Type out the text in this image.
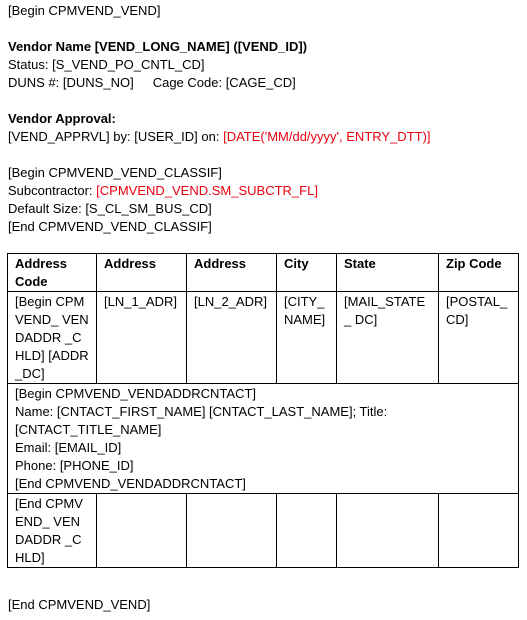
[Begin CPMVEND_VEND]
Vendor Name [VEND_LONG_NAME] ([VEND_ID])
Status: [S_VEND_PO_CNTL_CD]
DUNS #: [DUNS_NO] Cage Code: [CAGE_CD]
Vendor Approval:
[VEND_APPRVL] by: [USER_ID] on: [DATE('MM/dd/yyyy', ENTRY_DTT)]
[Begin CPMVEND_VEND_CLASSIF]
Subcontractor: [CPMVEND_VEND.SM_SUBCTR_FL]
Default Size: [S_CL_SM_BUS_CD]
[End CPMVEND_VEND_CLASSIF]
Address Code	Address	Address	City	State	Zip Code
[Begin CPMVEND_ VENDADDR _CHLD] [ADDR_DC]	[LN_1_ADR]	[LN_2_ADR]	[CITY_ NAME]	[MAIL_STATE_ DC]	[POSTAL_ CD]

[Begin CPMVEND_VENDADDRCNTACT]
Name: [CNTACT_FIRST_NAME] [CNTACT_LAST_NAME]; Title: [CNTACT_TITLE_NAME]
Email: [EMAIL_ID]
Phone: [PHONE_ID]
[End CPMVEND_VENDADDRCNTACT]					

[End CPMVEND_ VENDADDR _CHLD]					
[End CPMVEND_VEND]
